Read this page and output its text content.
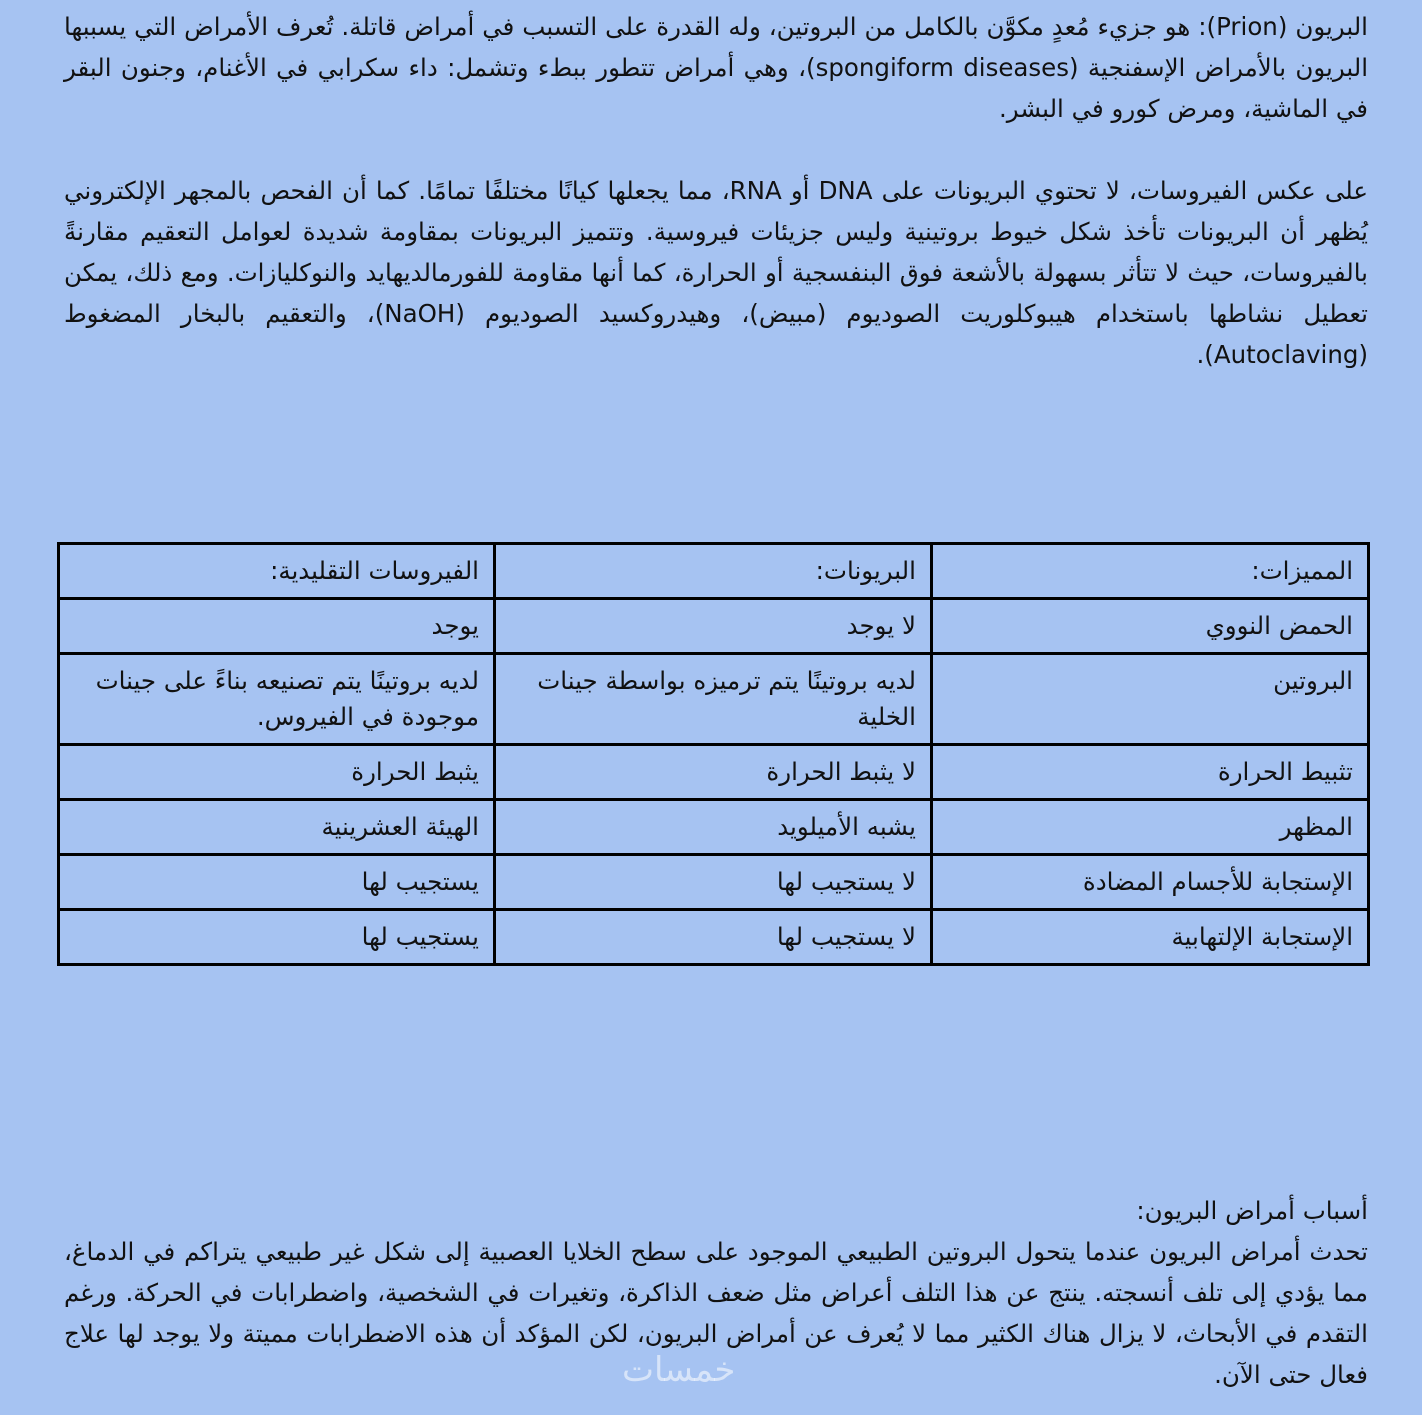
البريون (Prion): هو جزيء مُعدٍ مكوَّن بالكامل من البروتين، وله القدرة على التسبب في أمراض قاتلة. تُعرف الأمراض التي يسببها البريون بالأمراض الإسفنجية (spongiform diseases)، وهي أمراض تتطور ببطء وتشمل: داء سكرابي في الأغنام، وجنون البقر في الماشية، ومرض كورو في البشر.

على عكس الفيروسات، لا تحتوي البريونات على DNA أو RNA، مما يجعلها كيانًا مختلفًا تمامًا. كما أن الفحص بالمجهر الإلكتروني يُظهر أن البريونات تأخذ شكل خيوط بروتينية وليس جزيئات فيروسية. وتتميز البريونات بمقاومة شديدة لعوامل التعقيم مقارنةً بالفيروسات، حيث لا تتأثر بسهولة بالأشعة فوق البنفسجية أو الحرارة، كما أنها مقاومة للفورمالديهايد والنوكليازات. ومع ذلك، يمكن تعطيل نشاطها باستخدام هيبوكلوريت الصوديوم (مبيض)، وهيدروكسيد الصوديوم (NaOH)، والتعقيم بالبخار المضغوط (Autoclaving).

المميزات:	البريونات:	الفيروسات التقليدية:
الحمض النووي	لا يوجد	يوجد
البروتين	لديه بروتينًا يتم ترميزه بواسطة جينات الخلية	لديه بروتينًا يتم تصنيعه بناءً على جينات موجودة في الفيروس.
تثبيط الحرارة	لا يثبط الحرارة	يثبط الحرارة
المظهر	يشبه الأميلويد	الهيئة العشرينية
الإستجابة للأجسام المضادة	لا يستجيب لها	يستجيب لها
الإستجابة الإلتهابية	لا يستجيب لها	يستجيب لها
أسباب أمراض البريون:
تحدث أمراض البريون عندما يتحول البروتين الطبيعي الموجود على سطح الخلايا العصبية إلى شكل غير طبيعي يتراكم في الدماغ، مما يؤدي إلى تلف أنسجته. ينتج عن هذا التلف أعراض مثل ضعف الذاكرة، وتغيرات في الشخصية، واضطرابات في الحركة. ورغم التقدم في الأبحاث، لا يزال هناك الكثير مما لا يُعرف عن أمراض البريون، لكن المؤكد أن هذه الاضطرابات مميتة ولا يوجد لها علاج فعال حتى الآن.
خمسات
